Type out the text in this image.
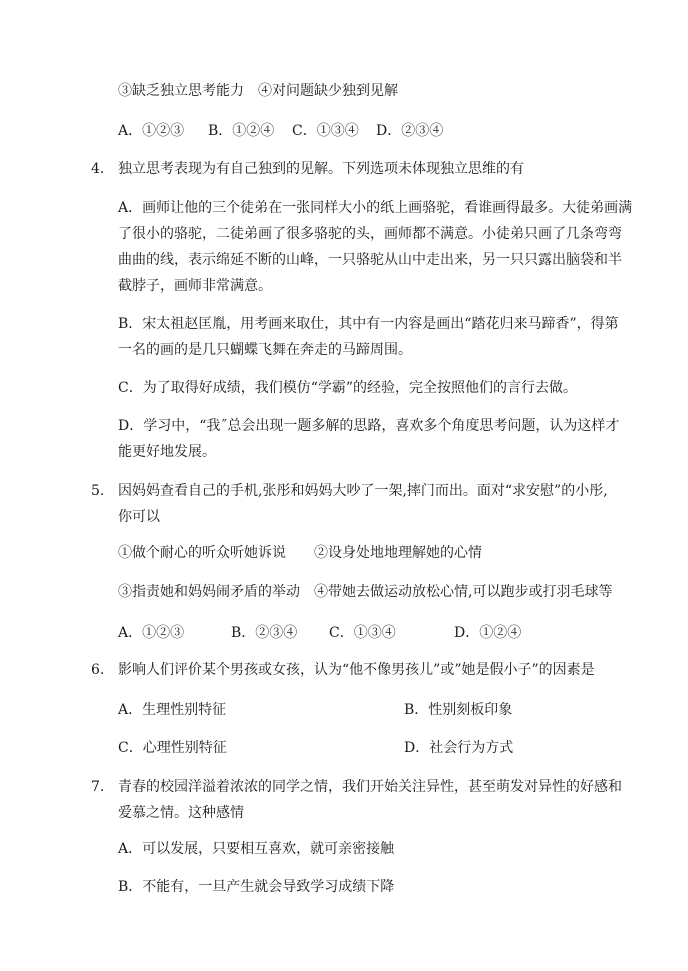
③缺乏独立思考能力　④对问题缺少独到见解
A．①②③ B．①②④ C．①③④ D．②③④
4. 独立思考表现为有自己独到的见解。下列选项未体现独立思维的有
A．画师让他的三个徒弟在一张同样大小的纸上画骆驼，看谁画得最多。大徒弟画满
了很小的骆驼，二徒弟画了很多骆驼的头，画师都不满意。小徒弟只画了几条弯弯
曲曲的线，表示绵延不断的山峰，一只骆驼从山中走出来，另一只只露出脑袋和半
截脖子，画师非常满意。
B．宋太祖赵匡胤，用考画来取仕，其中有一内容是画出“踏花归来马蹄香”，得第
一名的画的是几只蝴蝶飞舞在奔走的马蹄周围。
C．为了取得好成绩，我们模仿“学霸”的经验，完全按照他们的言行去做。
D．学习中，“我˝总会出现一题多解的思路，喜欢多个角度思考问题，认为这样才
能更好地发展。
5. 因妈妈查看自己的手机,张彤和妈妈大吵了一架,摔门而出。面对“求安慰”的小彤,
你可以
①做个耐心的听众听她诉说　　②设身处地地理解她的心情
③指责她和妈妈闹矛盾的举动　④带她去做运动放松心情,可以跑步或打羽毛球等
A．①②③	B．②③④ C．①③④	D．①②④
6. 影响人们评价某个男孩或女孩，认为“他不像男孩儿”或”她是假小子”的因素是
A．生理性别特征	B．性别刻板印象
C．心理性别特征	D．社会行为方式
7. 青春的校园洋溢着浓浓的同学之情，我们开始关注异性，甚至萌发对异性的好感和
爱慕之情。这种感情
A．可以发展，只要相互喜欢，就可亲密接触
B．不能有，一旦产生就会导致学习成绩下降
